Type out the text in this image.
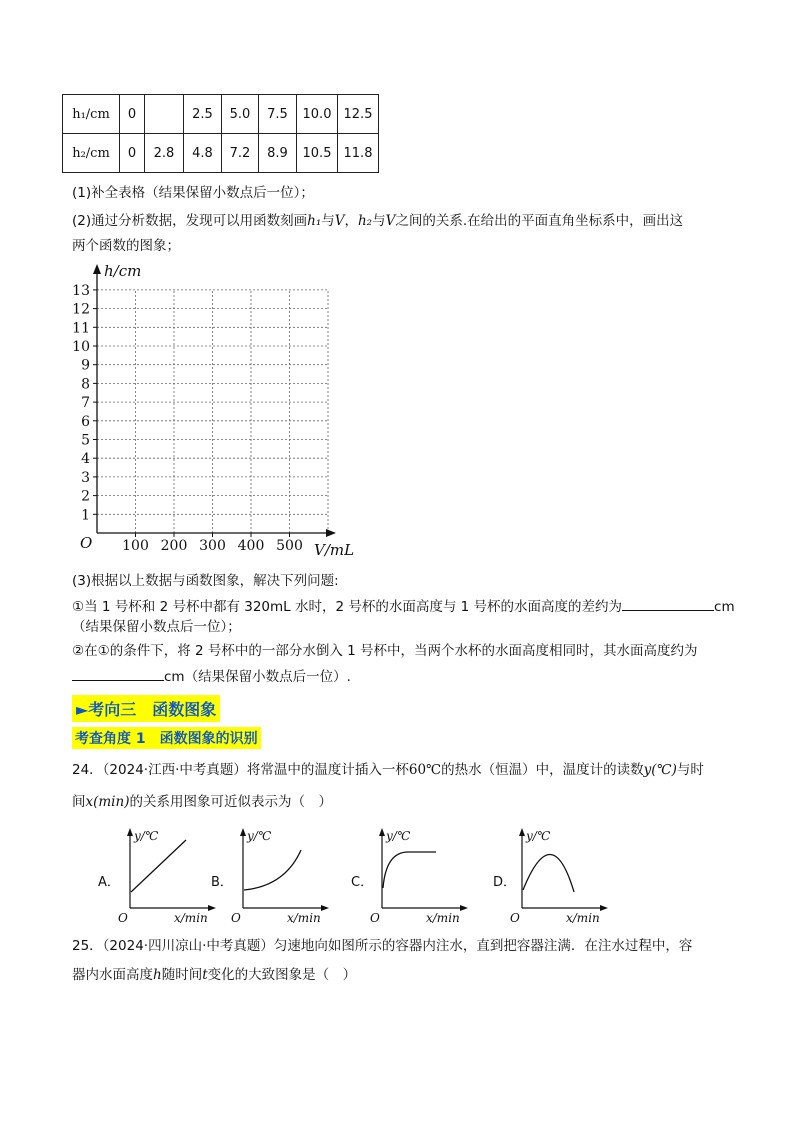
h₁/cm	0		2.5	5.0	7.5	10.0	12.5
h₂/cm	0	2.8	4.8	7.2	8.9	10.5	11.8
(1)补全表格（结果保留小数点后一位）；
(2)通过分析数据，发现可以用函数刻画h₁与V，h₂与V之间的关系.在给出的平面直角坐标系中，画出这
两个函数的图象；
h/cm
V/mL
O
1
2
3
4
5
6
7
8
9
10
11
12
13
100 200 300 400 500
(3)根据以上数据与函数图象，解决下列问题:
①当 1 号杯和 2 号杯中都有 320mL 水时，2 号杯的水面高度与 1 号杯的水面高度的差约为	cm
（结果保留小数点后一位）；
②在①的条件下，将 2 号杯中的一部分水倒入 1 号杯中，当两个水杯的水面高度相同时，其水面高度约为
cm（结果保留小数点后一位）.
►考向三　函数图象
考查角度 1　函数图象的识别
24．（2024·江西·中考真题）将常温中的温度计插入一杯60℃的热水（恒温）中，温度计的读数y(℃)与时
间x(min)的关系用图象可近似表示为（　）
A．
y/℃
x/min
O
B．
y/℃
x/min
O
C．
y/℃
x/min
O
D．
y/℃
x/min
O
25．（2024·四川凉山·中考真题）匀速地向如图所示的容器内注水，直到把容器注满．在注水过程中，容
器内水面高度h随时间t变化的大致图象是（　）
